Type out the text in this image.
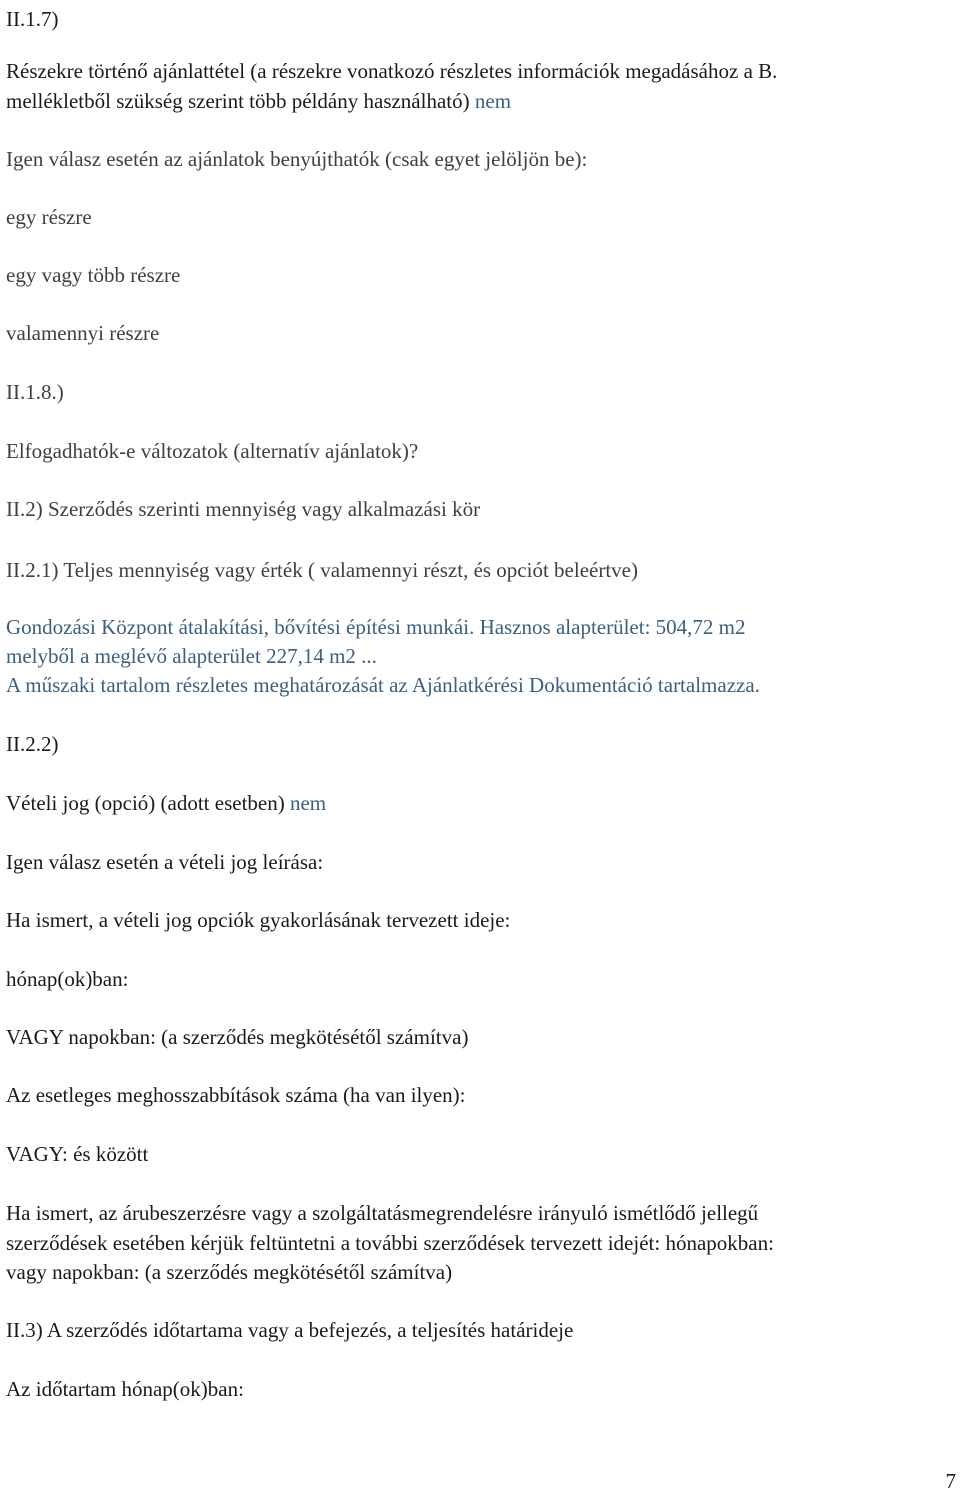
II.1.7)

Részekre történő ajánlattétel (a részekre vonatkozó részletes információk megadásához a B.

mellékletből szükség szerint több példány használható) nem

Igen válasz esetén az ajánlatok benyújthatók (csak egyet jelöljön be):

egy részre

egy vagy több részre

valamennyi részre

II.1.8.)

Elfogadhatók-e változatok (alternatív ajánlatok)?

II.2) Szerződés szerinti mennyiség vagy alkalmazási kör

II.2.1) Teljes mennyiség vagy érték ( valamennyi részt, és opciót beleértve)

Gondozási Központ átalakítási, bővítési építési munkái. Hasznos alapterület: 504,72 m2

melyből a meglévő alapterület 227,14 m2 ...

A műszaki tartalom részletes meghatározását az Ajánlatkérési Dokumentáció tartalmazza.

II.2.2)

Vételi jog (opció) (adott esetben) nem

Igen válasz esetén a vételi jog leírása:

Ha ismert, a vételi jog opciók gyakorlásának tervezett ideje:

hónap(ok)ban:

VAGY napokban: (a szerződés megkötésétől számítva)

Az esetleges meghosszabbítások száma (ha van ilyen):

VAGY: és között

Ha ismert, az árubeszerzésre vagy a szolgáltatásmegrendelésre irányuló ismétlődő jellegű

szerződések esetében kérjük feltüntetni a további szerződések tervezett idejét: hónapokban:

vagy napokban: (a szerződés megkötésétől számítva)

II.3) A szerződés időtartama vagy a befejezés, a teljesítés határideje

Az időtartam hónap(ok)ban:

7
